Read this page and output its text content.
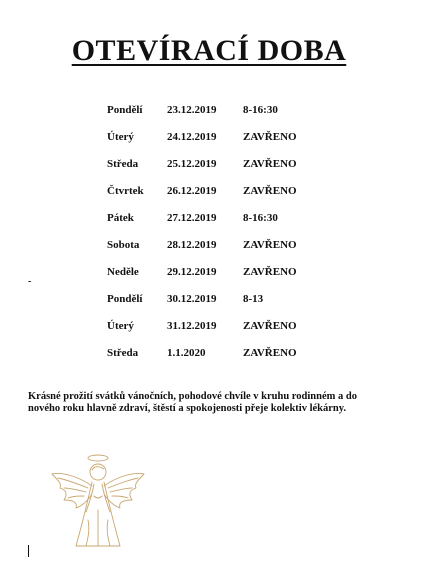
OTEVÍRACÍ DOBA
Pondělí	23.12.2019	8-16:30
Úterý	24.12.2019	ZAVŘENO
Středa	25.12.2019	ZAVŘENO
Čtvrtek	26.12.2019	ZAVŘENO
Pátek	27.12.2019	8-16:30
Sobota	28.12.2019	ZAVŘENO
Neděle	29.12.2019	ZAVŘENO
Pondělí	30.12.2019	8-13
Úterý	31.12.2019	ZAVŘENO
Středa	1.1.2020	ZAVŘENO
-

Krásné prožití svátků vánočních, pohodové chvíle v kruhu rodinném a do nového roku hlavně zdraví, štěstí a spokojenosti přeje kolektiv lékárny.
